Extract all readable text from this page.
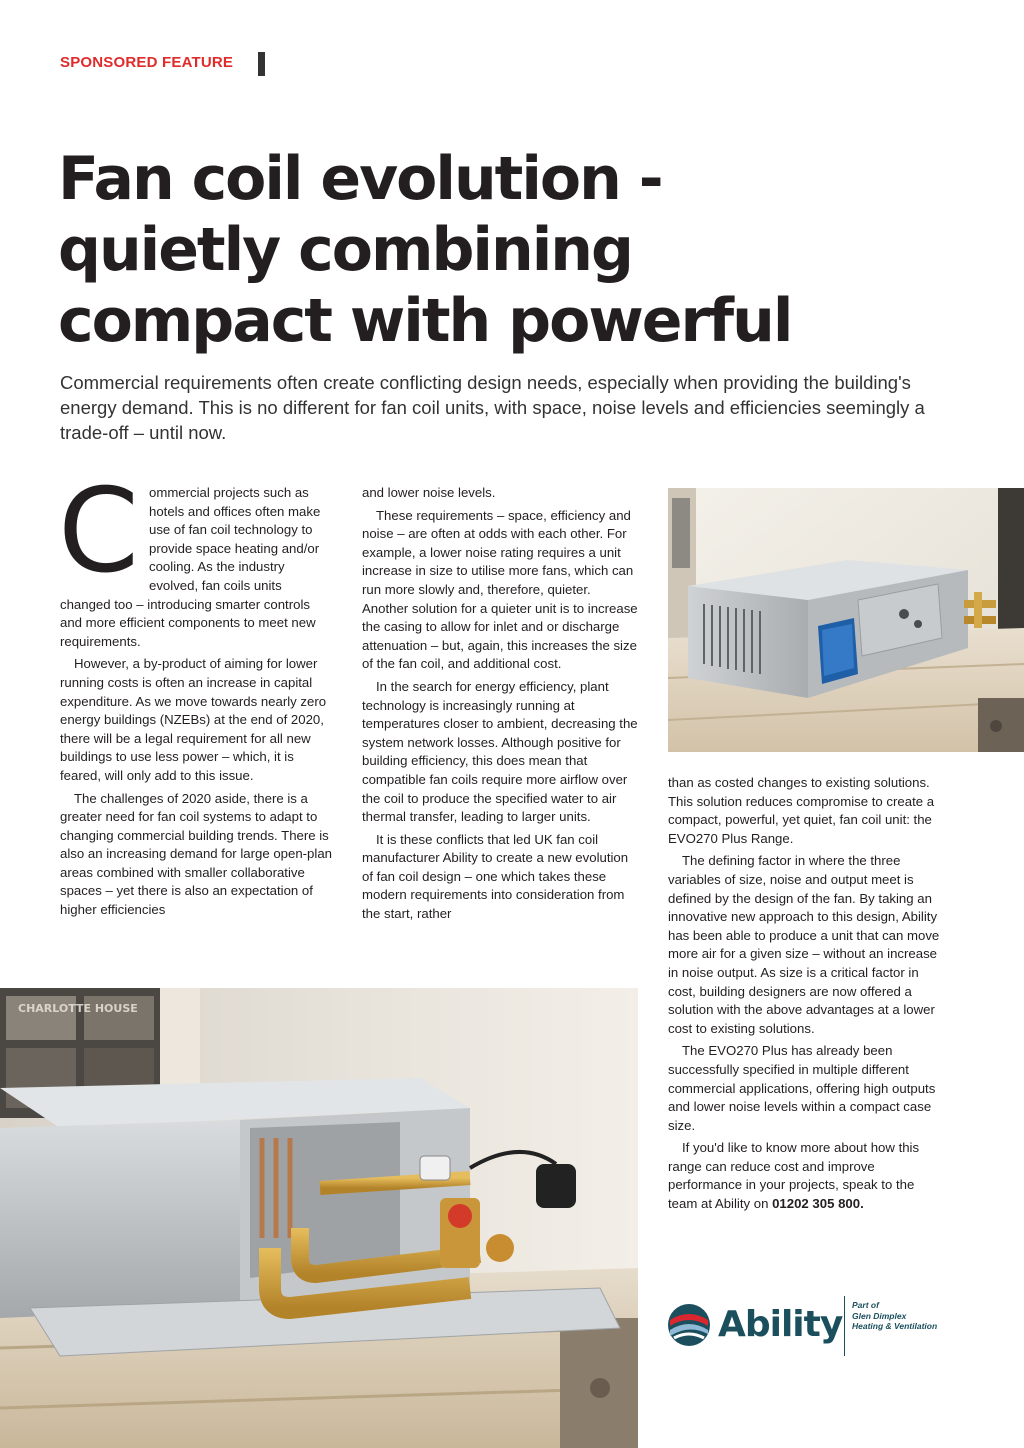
SPONSORED FEATURE
Fan coil evolution -
quietly combining
compact with powerful

Commercial requirements often create conflicting design needs, especially when providing the building's energy demand. This is no different for fan coil units, with space, noise levels and efficiencies seemingly a trade-off – until now.

Commercial projects such as hotels and offices often make use of fan coil technology to provide space heating and/or cooling. As the industry evolved, fan coils units changed too – introducing smarter controls and more efficient components to meet new requirements.

However, a by-product of aiming for lower running costs is often an increase in capital expenditure. As we move towards nearly zero energy buildings (NZEBs) at the end of 2020, there will be a legal requirement for all new buildings to use less power – which, it is feared, will only add to this issue.

The challenges of 2020 aside, there is a greater need for fan coil systems to adapt to changing commercial building trends. There is also an increasing demand for large open-plan areas combined with smaller collaborative spaces – yet there is also an expectation of higher efficiencies

and lower noise levels.

These requirements – space, efficiency and noise – are often at odds with each other. For example, a lower noise rating requires a unit increase in size to utilise more fans, which can run more slowly and, therefore, quieter. Another solution for a quieter unit is to increase the casing to allow for inlet and or discharge attenuation – but, again, this increases the size of the fan coil, and additional cost.

In the search for energy efficiency, plant technology is increasingly running at temperatures closer to ambient, decreasing the system network losses. Although positive for building efficiency, this does mean that compatible fan coils require more airflow over the coil to produce the specified water to air thermal transfer, leading to larger units.

It is these conflicts that led UK fan coil manufacturer Ability to create a new evolution of fan coil design – one which takes these modern requirements into consideration from the start, rather

than as costed changes to existing solutions. This solution reduces compromise to create a compact, powerful, yet quiet, fan coil unit: the EVO270 Plus Range.

The defining factor in where the three variables of size, noise and output meet is defined by the design of the fan. By taking an innovative new approach to this design, Ability has been able to produce a unit that can move more air for a given size – without an increase in noise output. As size is a critical factor in cost, building designers are now offered a solution with the above advantages at a lower cost to existing solutions.

The EVO270 Plus has already been successfully specified in multiple different commercial applications, offering high outputs and lower noise levels within a compact case size.

If you'd like to know more about how this range can reduce cost and improve performance in your projects, speak to the team at Ability on 01202 305 800.

CHARLOTTE HOUSE
Ability Part of
Glen Dimplex
Heating & Ventilation
